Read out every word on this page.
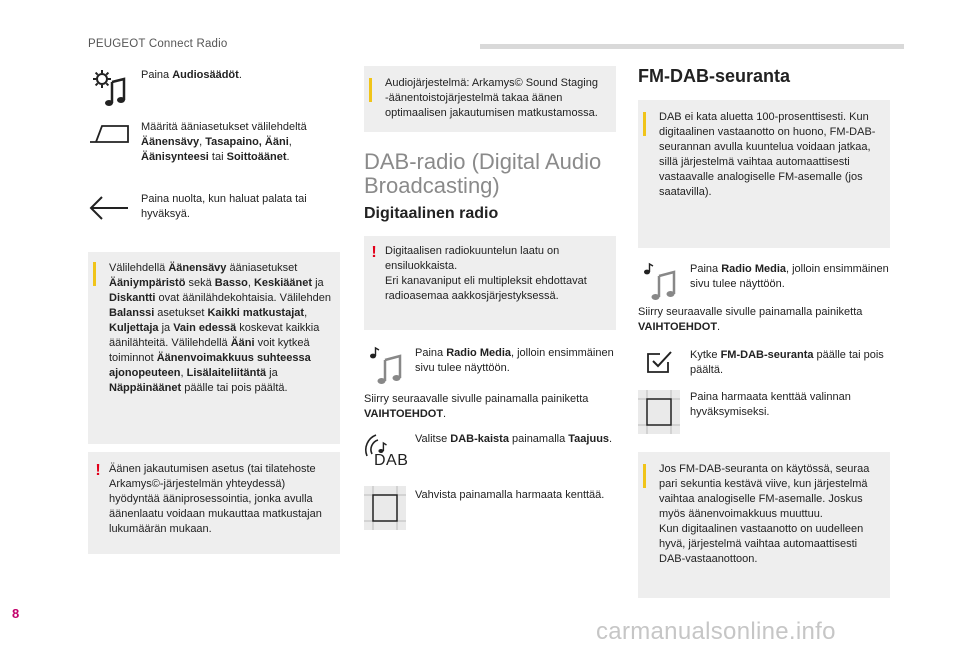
PEUGEOT Connect Radio
Paina Audiosäädöt.
Määritä ääniasetukset välilehdeltä Äänensävy, Tasapaino, Ääni, Äänisynteesi tai Soittoäänet.
Paina nuolta, kun haluat palata tai hyväksyä.
Välilehdellä Äänensävy ääniasetukset Ääniympäristö sekä Basso, Keskiäänet ja Diskantti ovat äänilähdekohtaisia. Välilehden Balanssi asetukset Kaikki matkustajat, Kuljettaja ja Vain edessä koskevat kaikkia äänilähteitä. Välilehdellä Ääni voit kytkeä toiminnot Äänenvoimakkuus suhteessa ajonopeuteen, Lisälaiteliitäntä ja Näppäinäänet päälle tai pois päältä.
! Äänen jakautumisen asetus (tai tilatehoste Arkamys©-järjestelmän yhteydessä) hyödyntää ääniprosessointia, jonka avulla äänenlaatu voidaan mukauttaa matkustajan lukumäärän mukaan.
Audiojärjestelmä: Arkamys© Sound Staging -äänentoistojärjestelmä takaa äänen optimaalisen jakautumisen matkustamossa.
DAB-radio (Digital Audio Broadcasting)
Digitaalinen radio
! Digitaalisen radiokuuntelun laatu on ensiluokkaista.
Eri kanavaniput eli multipleksit ehdottavat radioasemaa aakkosjärjestyksessä.
Paina Radio Media, jolloin ensimmäinen sivu tulee näyttöön.
Siirry seuraavalle sivulle painamalla painiketta VAIHTOEHDOT.
DAB
Valitse DAB-kaista painamalla Taajuus.
Vahvista painamalla harmaata kenttää.
FM-DAB-seuranta
DAB ei kata aluetta 100-prosenttisesti. Kun digitaalinen vastaanotto on huono, FM-DAB-seurannan avulla kuuntelua voidaan jatkaa, sillä järjestelmä vaihtaa automaattisesti vastaavalle analogiselle FM-asemalle (jos saatavilla).
Paina Radio Media, jolloin ensimmäinen sivu tulee näyttöön.
Siirry seuraavalle sivulle painamalla painiketta VAIHTOEHDOT.
Kytke FM-DAB-seuranta päälle tai pois päältä.
Paina harmaata kenttää valinnan hyväksymiseksi.
Jos FM-DAB-seuranta on käytössä, seuraa pari sekuntia kestävä viive, kun järjestelmä vaihtaa analogiselle FM-asemalle. Joskus myös äänenvoimakkuus muuttuu.
Kun digitaalinen vastaanotto on uudelleen hyvä, järjestelmä vaihtaa automaattisesti DAB-vastaanottoon.
8
carmanualsonline.info
